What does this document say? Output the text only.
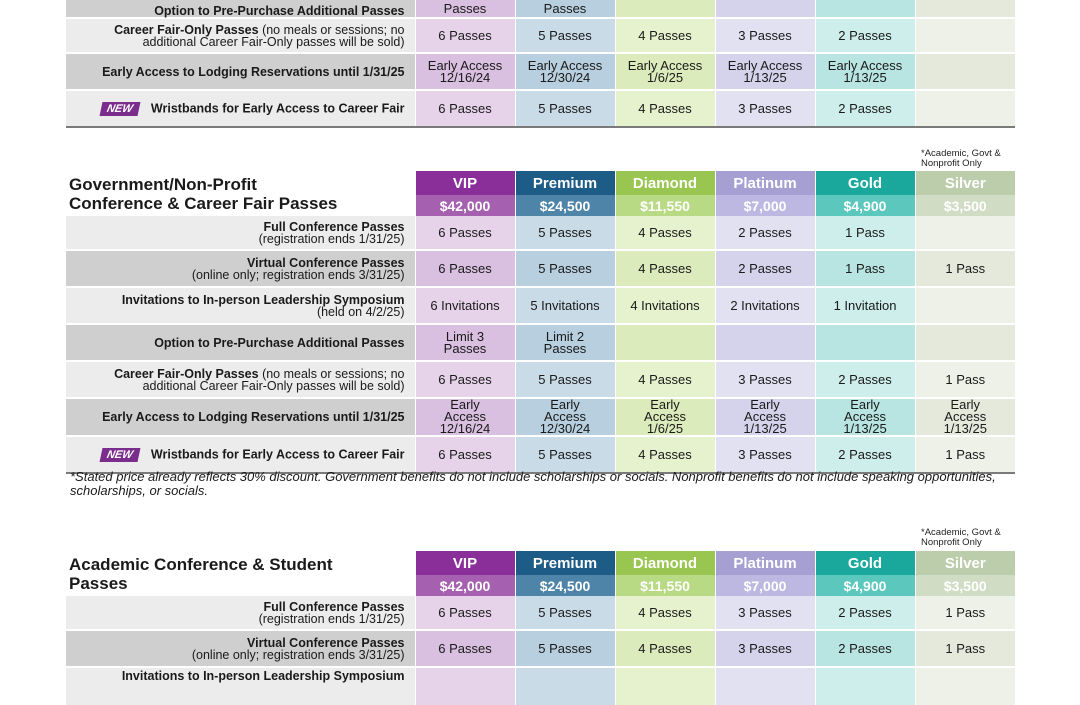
Option to Pre-Purchase Additional Passes	Passes	Passes				
Career Fair-Only Passes (no meals or sessions; no additional Career Fair-Only passes will be sold)	6 Passes	5 Passes	4 Passes	3 Passes	2 Passes	
Early Access to Lodging Reservations until 1/31/25	Early Access 12/16/24	Early Access 12/30/24	Early Access 1/6/25	Early Access 1/13/25	Early Access 1/13/25	
NEW Wristbands for Early Access to Career Fair	6 Passes	5 Passes	4 Passes	3 Passes	2 Passes	
*Academic, Govt & Nonprofit Only
Government/Non-Profit
Conference & Career Fair Passes	VIP	Premium	Diamond	Platinum	Gold	Silver
	$42,000	$24,500	$11,550	$7,000	$4,900	$3,500
Full Conference Passes
(registration ends 1/31/25)	6 Passes	5 Passes	4 Passes	2 Passes	1 Pass	
Virtual Conference Passes
(online only; registration ends 3/31/25)	6 Passes	5 Passes	4 Passes	2 Passes	1 Pass	1 Pass
Invitations to In-person Leadership Symposium
(held on 4/2/25)	6 Invitations	5 Invitations	4 Invitations	2 Invitations	1 Invitation	
Option to Pre-Purchase Additional Passes	Limit 3 Passes	Limit 2 Passes				
Career Fair-Only Passes (no meals or sessions; no additional Career Fair-Only passes will be sold)	6 Passes	5 Passes	4 Passes	3 Passes	2 Passes	1 Pass
Early Access to Lodging Reservations until 1/31/25	Early Access 12/16/24	Early Access 12/30/24	Early Access 1/6/25	Early Access 1/13/25	Early Access 1/13/25	Early Access 1/13/25
NEW Wristbands for Early Access to Career Fair	6 Passes	5 Passes	4 Passes	3 Passes	2 Passes	1 Pass
*Academic, Govt & Nonprofit Only
Academic Conference & Student
Passes	VIP	Premium	Diamond	Platinum	Gold	Silver
	$42,000	$24,500	$11,550	$7,000	$4,900	$3,500
Full Conference Passes
(registration ends 1/31/25)	6 Passes	5 Passes	4 Passes	3 Passes	2 Passes	1 Pass
Virtual Conference Passes
(online only; registration ends 3/31/25)	6 Passes	5 Passes	4 Passes	3 Passes	2 Passes	1 Pass
Invitations to In-person Leadership Symposium						
*Stated price already reflects 30% discount. Government benefits do not include scholarships or socials. Nonprofit benefits do not include speaking opportunities, scholarships, or socials.
